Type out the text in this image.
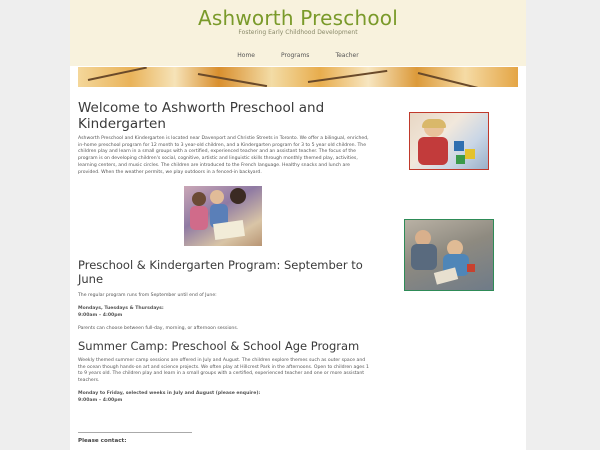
Ashworth Preschool
Fostering Early Childhood Development
Home	Programs	Teacher
Welcome to Ashworth Preschool and Kindergarten

Ashworth Preschool and Kindergarten is located near Davenport and Christie Streets in Toronto. We offer a bilingual, enriched, in-home preschool program for 12 month to 3 year-old children, and a Kindergarten program for 3 to 5 year old children. The children play and learn in a small groups with a certified, experienced teacher and an assistant teacher. The focus of the program is on developing children's social, cognitive, artistic and linguistic skills through monthly themed play, activities, learning centers, and music circles. The children are introduced to the French language. Healthy snacks and lunch are provided. When the weather permits, we play outdoors in a fenced-in backyard.

Preschool & Kindergarten Program: September to June

The regular program runs from September until end of June:

Mondays, Tuesdays & Thursdays:

9:00am – 4:00pm

Parents can choose between full-day, morning, or afternoon sessions.

Summer Camp: Preschool & School Age Program

Weekly themed summer camp sessions are offered in July and August. The children explore themes such as outer space and the ocean though hands-on art and science projects. We often play at Hillcrest Park in the afternoons. Open to children ages 1 to 9 years old. The children play and learn in a small groups with a certified, experienced teacher and one or more assistant teachers.

Monday to Friday, selected weeks in July and August (please enquire):

9:00am – 4:00pm

Please contact:
